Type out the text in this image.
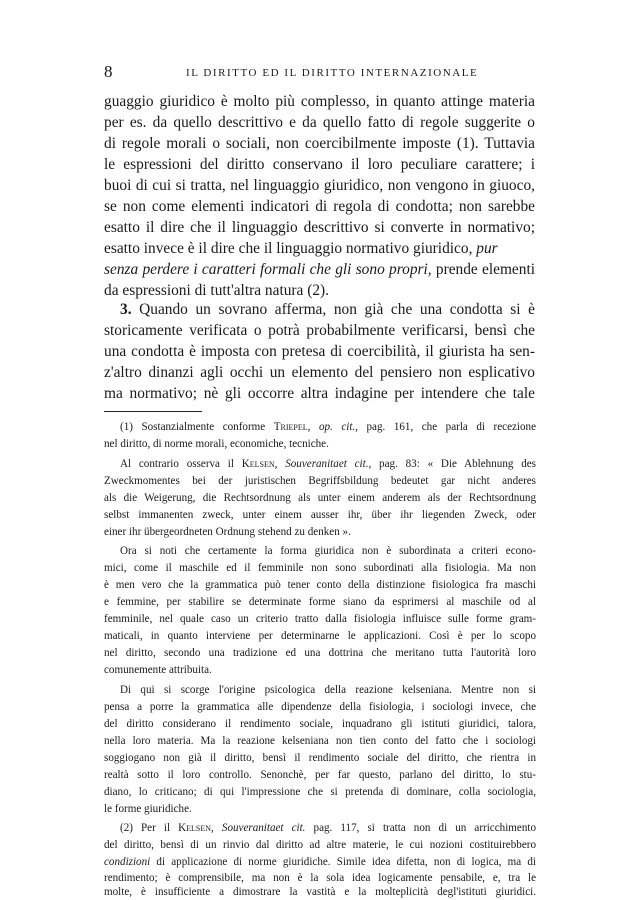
8	IL DIRITTO ED IL DIRITTO INTERNAZIONALE
guaggio giuridico è molto più complesso, in quanto attinge materia
per es. da quello descrittivo e da quello fatto di regole suggerite o
di regole morali o sociali, non coercibilmente imposte (1). Tuttavia
le espressioni del diritto conservano il loro peculiare carattere; i
buoi di cui si tratta, nel linguaggio giuridico, non vengono in giuoco,
se non come elementi indicatori di regola di condotta; non sarebbe
esatto il dire che il linguaggio descrittivo si converte in normativo;
esatto invece è il dire che il linguaggio normativo giuridico, pur
senza perdere i caratteri formali che gli sono propri, prende elementi
da espressioni di tutt'altra natura (2).
3. Quando un sovrano afferma, non già che una condotta si è
storicamente verificata o potrà probabilmente verificarsi, bensì che
una condotta è imposta con pretesa di coercibilità, il giurista ha sen-
z'altro dinanzi agli occhi un elemento del pensiero non esplicativo
ma normativo; nè gli occorre altra indagine per intendere che tale
(1) Sostanzialmente conforme Triepel, op. cit., pag. 161, che parla di recezione
nel diritto, di norme morali, economiche, tecniche.
Al contrario osserva il Kelsen, Souveranitaet cit., pag. 83: « Die Ablehnung des
Zweckmomentes bei der juristischen Begriffsbildung bedeutet gar nicht anderes
als die Weigerung, die Rechtsordnung als unter einem anderem als der Rechtsordnung
selbst immanenten zweck, unter einem ausser ihr, über ihr liegenden Zweck, oder
einer ihr übergeordneten Ordnung stehend zu denken ».
Ora si noti che certamente la forma giuridica non è subordinata a criteri econo-
mici, come il maschile ed il femminile non sono subordinati alla fisiologia. Ma non
è men vero che la grammatica può tener conto della distinzione fisiologica fra maschi
e femmine, per stabilire se determinate forme siano da esprimersi al maschile od al
femminile, nel quale caso un criterio tratto dalla fisiologia influisce sulle forme gram-
maticali, in quanto interviene per determinarne le applicazioni. Così è per lo scopo
nel diritto, secondo una tradizione ed una dottrina che meritano tutta l'autorità loro
comunemente attribuita.
Di qui si scorge l'origine psicologica della reazione kelseniana. Mentre non si
pensa a porre la grammatica alle dipendenze della fisiologia, i sociologi invece, che
del diritto considerano il rendimento sociale, inquadrano gli istituti giuridici, talora,
nella loro materia. Ma la reazione kelseniana non tien conto del fatto che i sociologi
soggiogano non già il diritto, bensì il rendimento sociale del diritto, che rientra in
realtà sotto il loro controllo. Senonchè, per far questo, parlano del diritto, lo stu-
diano, lo criticano; di qui l'impressione che si pretenda di dominare, colla sociologia,
le forme giuridiche.
(2) Per il Kelsen, Souveranitaet cit. pag. 117, si tratta non di un arricchimento
del diritto, bensì di un rinvio dal diritto ad altre materie, le cui nozioni costituirebbero
condizioni di applicazione di norme giuridiche. Simile idea difetta, non di logica, ma di
rendimento; è comprensibile, ma non è la sola idea logicamente pensabile, e, tra le
molte, è insufficiente a dimostrare la vastità e la molteplicità degl'istituti giuridici.
